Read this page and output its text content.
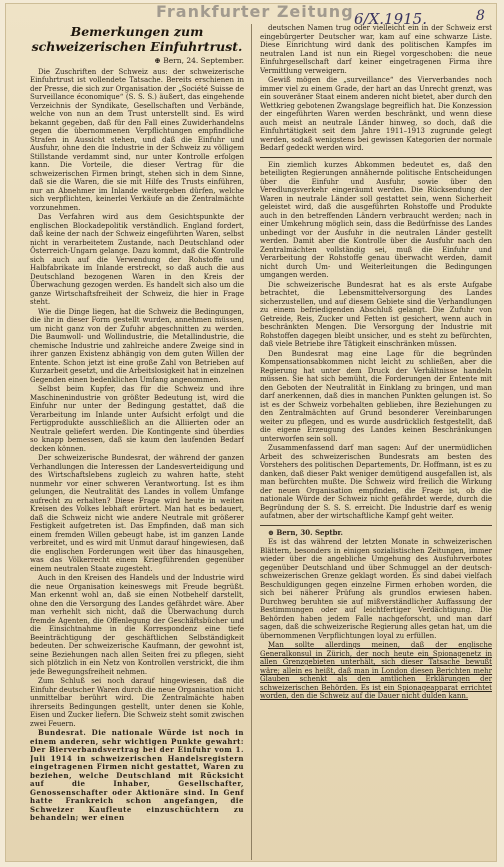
Frankfurter Zeitung 6/X.1915.	8
Bemerkungen zum schweizerischen Einfuhrtrust.
⊕ Bern, 24. September.

Die Zuschriften der Schweiz aus: der schweizerische Einfuhrtrust ist vollendete Tatsache. Bereits erschienen in der Presse, die sich zur Organisation der „Société Suisse de Surveillance économique“ (S. S. S.) äußert, das eingehende Verzeichnis der Syndikate, Gesellschaften und Verbände, welche von nun an dem Trust unterstellt sind. Es wird bekannt gegeben, daß für den Fall eines Zuwiderhandelns gegen die übernommenen Verpflichtungen empfindliche Strafen in Aussicht stehen, und daß die Einfuhr und Ausfuhr, ohne den die Industrie in der Schweiz zu völligem Stillstande verdammt sind, nur unter Kontrolle erfolgen kann. Die Vorteile, die dieser Vertrag für die schweizerischen Firmen bringt, stehen sich in dem Sinne, daß sie die Waren, die sie mit Hilfe des Trusts einführen, nur an Abnehmer im Inlande weitergeben dürfen, welche sich verpflichten, keinerlei Verkäufe an die Zentralmächte vorzunehmen.

Das Verfahren wird aus dem Gesichtspunkte der englischen Blockadepolitik verständlich. England fordert, daß keine der nach der Schweiz eingeführten Waren, selbst nicht in verarbeitetem Zustande, nach Deutschland oder Österreich-Ungarn gelange. Dazu kommt, daß die Kontrolle sich auch auf die Verwendung der Rohstoffe und Halbfabrikate im Inlande erstreckt, so daß auch die aus Deutschland bezogenen Waren in den Kreis der Überwachung gezogen werden. Es handelt sich also um die ganze Wirtschaftsfreiheit der Schweiz, die hier in Frage steht.

Wie die Dinge liegen, hat die Schweiz die Bedingungen, die ihr in dieser Form gestellt wurden, annehmen müssen, um nicht ganz von der Zufuhr abgeschnitten zu werden. Die Baumwoll- und Wollindustrie, die Metallindustrie, die chemische Industrie und zahlreiche andere Zweige sind in ihrer ganzen Existenz abhängig von dem guten Willen der Entente. Schon jetzt ist eine große Zahl von Betrieben auf Kurzarbeit gesetzt, und die Arbeitslosigkeit hat in einzelnen Gegenden einen bedenklichen Umfang angenommen.

Selbst beim Kupfer, das für die Schweiz und ihre Maschinenindustrie von größter Bedeutung ist, wird die Einfuhr nur unter der Bedingung gestattet, daß die Verarbeitung im Inlande unter Aufsicht erfolgt und die Fertigprodukte ausschließlich an die Alliierten oder an Neutrale geliefert werden. Die Kontingente sind überdies so knapp bemessen, daß sie kaum den laufenden Bedarf decken können.

Der schweizerische Bundesrat, der während der ganzen Verhandlungen die Interessen der Landesverteidigung und des Wirtschaftslebens zugleich zu wahren hatte, steht nunmehr vor einer schweren Verantwortung. Ist es ihm gelungen, die Neutralität des Landes in vollem Umfange aufrecht zu erhalten? Diese Frage wird heute in weiten Kreisen des Volkes lebhaft erörtert. Man hat es bedauert, daß die Schweiz nicht wie andere Neutrale mit größerer Festigkeit aufgetreten ist. Das Empfinden, daß man sich einem fremden Willen gebeugt habe, ist im ganzen Lande verbreitet, und es wird mit Unmut darauf hingewiesen, daß die englischen Forderungen weit über das hinausgehen, was das Völkerrecht einem Kriegführenden gegenüber einem neutralen Staate zugesteht.

Auch in den Kreisen des Handels und der Industrie wird die neue Organisation keineswegs mit Freude begrüßt. Man erkennt wohl an, daß sie einen Notbehelf darstellt, ohne den die Versorgung des Landes gefährdet wäre. Aber man verhehlt sich nicht, daß die Überwachung durch fremde Agenten, die Offenlegung der Geschäftsbücher und die Einsichtnahme in die Korrespondenz eine tiefe Beeinträchtigung der geschäftlichen Selbständigkeit bedeuten. Der schweizerische Kaufmann, der gewohnt ist, seine Beziehungen nach allen Seiten frei zu pflegen, sieht sich plötzlich in ein Netz von Kontrollen verstrickt, die ihm jede Bewegungsfreiheit nehmen.

Zum Schluß sei noch darauf hingewiesen, daß die Einfuhr deutscher Waren durch die neue Organisation nicht unmittelbar berührt wird. Die Zentralmächte haben ihrerseits Bedingungen gestellt, unter denen sie Kohle, Eisen und Zucker liefern. Die Schweiz steht somit zwischen zwei Feuern.

Bundesrat. Die nationale Würde ist noch in einem anderen, sehr wichtigen Punkte gewahrt: Der Bierverbandsvertrag bei der Einfuhr vom 1. Juli 1914 in schweizerischen Handelsregistern eingetragenen Firmen nicht gestattet, Waren zu beziehen, welche Deutschland mit Rücksicht auf die Inhaber, Gesellschafter, Genossenschafter oder Aktionäre sind. In Genf hatte Frankreich schon angefangen, die Schweizer Kaufleute einzuschüchtern zu behandeln; wer einen

deutschen Namen trug oder vielleicht ein in der Schweiz erst eingebürgerter Deutscher war, kam auf eine schwarze Liste. Diese Einrichtung wird dank des politischen Kampfes im neutralen Land ist nun ein Riegel vorgeschoben: die neue Einfuhrgesellschaft darf keiner eingetragenen Firma ihre Vermittlung verweigern.

Gewiß mögen die „surveillance“ des Vierverbandes noch immer viel zu einem Grade, der hart an das Unrecht grenzt, was ein souveräner Staat einem anderen nicht bietet, aber durch den Wettkrieg gebotenen Zwangslage begreiflich hat. Die Konzession der eingeführten Waren werden beschränkt, und wenn diese auch meist an neutrale Länder hinweg, so doch, daß die Einfuhrtätigkeit seit dem Jahre 1911–1913 zugrunde gelegt werden, sodaß wenigstens bei gewissen Kategorien der normale Bedarf gedeckt werden wird.

Ein ziemlich kurzes Abkommen bedeutet es, daß den beteiligten Regierungen annähernde politische Entscheidungen über die Einfuhr und Ausfuhr, sowie über den Veredlungsverkehr eingeräumt werden. Die Rücksendung der Waren in neutrale Länder soll gestattet sein, wenn Sicherheit geleistet wird, daß die ausgeführten Rohstoffe und Produkte auch in den betreffenden Ländern verbraucht werden; nach in einer Umkehrung möglich sein, dass die Bedürfnisse des Landes unbedingt vor der Ausfuhr in die neutralen Länder gestellt werden. Damit aber die Kontrolle über die Ausfuhr nach den Zentralmächten vollständig sei, muß die Einfuhr und Verarbeitung der Rohstoffe genau überwacht werden, damit nicht durch Um- und Weiterleitungen die Bedingungen umgangen werden.

Die schweizerische Bundesrat hat es als erste Aufgabe betrachtet, die Lebensmittelversorgung des Landes sicherzustellen, und auf diesem Gebiete sind die Verhandlungen zu einem befriedigenden Abschluß gelangt. Die Zufuhr von Getreide, Reis, Zucker und Fetten ist gesichert, wenn auch in beschränkten Mengen. Die Versorgung der Industrie mit Rohstoffen dagegen bleibt unsicher, und es steht zu befürchten, daß viele Betriebe ihre Tätigkeit einschränken müssen.

Den Bundesrat mag eine Lage für die begründen Kompensationsabkommen nicht leicht zu schließen, aber die Regierung hat unter dem Druck der Verhältnisse handeln müssen. Sie hat sich bemüht, die Forderungen der Entente mit den Geboten der Neutralität in Einklang zu bringen, und man darf anerkennen, daß dies in manchen Punkten gelungen ist. So ist es der Schweiz vorbehalten geblieben, ihre Beziehungen zu den Zentralmächten auf Grund besonderer Vereinbarungen weiter zu pflegen, und es wurde ausdrücklich festgestellt, daß die eigene Erzeugung des Landes keinen Beschränkungen unterworfen sein soll.

Zusammenfassend darf man sagen: Auf der unermüdlichen Arbeit des schweizerischen Bundesrats am besten des Vorstehers des politischen Departements, Dr. Hoffmann, ist es zu danken, daß dieser Pakt weniger demütigend ausgefallen ist, als man befürchten mußte. Die Schweiz wird freilich die Wirkung der neuen Organisation empfinden, die Frage ist, ob die nationale Würde der Schweiz nicht gefährdet werde, durch die Begründung der S. S. S. erreicht. Die Industrie darf es wenig aufatmen, aber der wirtschaftliche Kampf geht weiter.

⊕ Bern, 30. Septbr.

Es ist das während der letzten Monate in schweizerischen Blättern, besonders in einigen sozialistischen Zeitungen, immer wieder über die angebliche Umgehung des Ausfuhrverbotes gegenüber Deutschland und über Schmuggel an der deutsch-schweizerischen Grenze geklagt worden. Es sind dabei vielfach Beschuldigungen gegen einzelne Firmen erhoben worden, die sich bei näherer Prüfung als grundlos erwiesen haben. Durchweg beruhten sie auf mißverständlicher Auffassung der Bestimmungen oder auf leichtfertiger Verdächtigung. Die Behörden haben jedem Falle nachgeforscht, und man darf sagen, daß die schweizerische Regierung alles getan hat, um die übernommenen Verpflichtungen loyal zu erfüllen.

Man sollte allerdings meinen, daß der englische Generalkonsul in Zürich, der noch heute ein Spionagenetz in allen Grenzgebieten unterhält, sich dieser Tatsache bewußt wäre; allein es heißt, daß man in London diesen Berichten mehr Glauben schenkt als den amtlichen Erklärungen der schweizerischen Behörden. Es ist ein Spionageapparat errichtet worden, den die Schweiz auf die Dauer nicht dulden kann.
